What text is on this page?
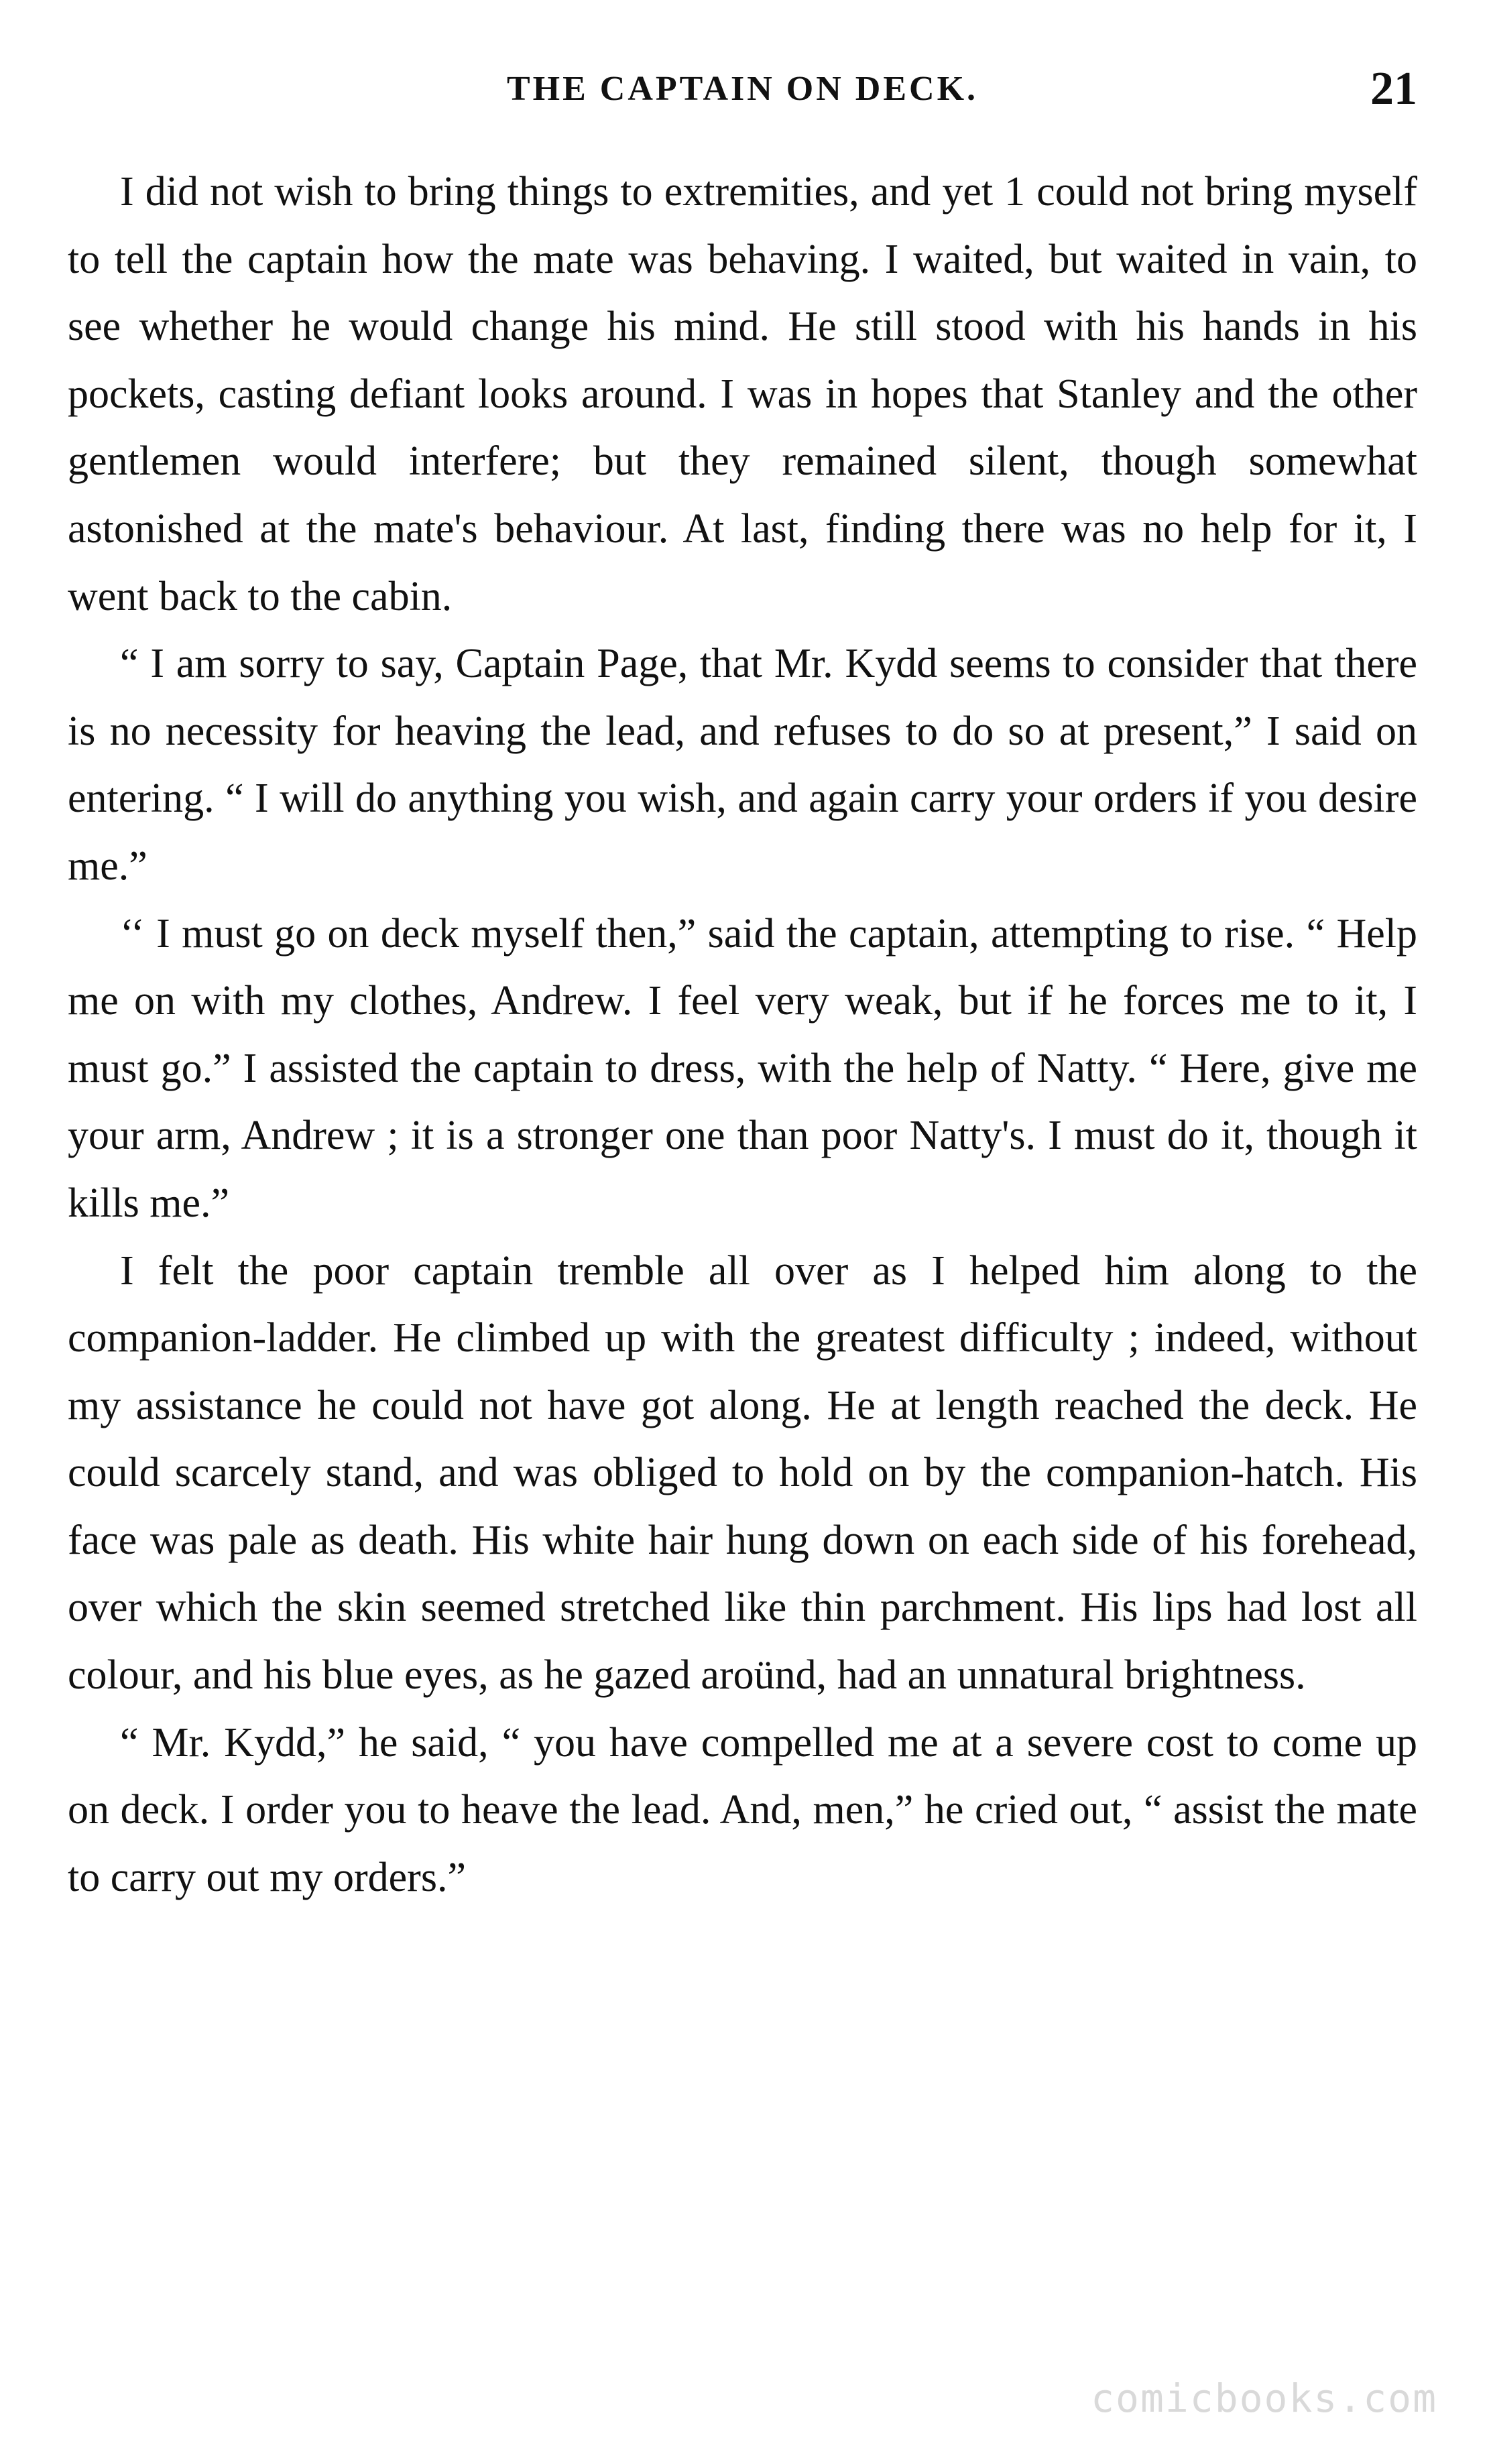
THE CAPTAIN ON DECK.	21

I did not wish to bring things to extremities, and yet 1 could not bring myself to tell the captain how the mate was behaving. I waited, but waited in vain, to see whether he would change his mind. He still stood with his hands in his pockets, casting defiant looks around. I was in hopes that Stanley and the other gentlemen would interfere; but they remained silent, though somewhat astonished at the mate's behaviour. At last, finding there was no help for it, I went back to the cabin.

“ I am sorry to say, Captain Page, that Mr. Kydd seems to consider that there is no necessity for heaving the lead, and refuses to do so at present,” I said on entering. “ I will do anything you wish, and again carry your orders if you desire me.”

‘‘ I must go on deck myself then,” said the captain, attempting to rise. “ Help me on with my clothes, Andrew. I feel very weak, but if he forces me to it, I must go.” I assisted the captain to dress, with the help of Natty. “ Here, give me your arm, Andrew ; it is a stronger one than poor Natty's. I must do it, though it kills me.”

I felt the poor captain tremble all over as I helped him along to the companion-ladder. He climbed up with the greatest difficulty ; indeed, without my assistance he could not have got along. He at length reached the deck. He could scarcely stand, and was obliged to hold on by the companion-hatch. His face was pale as death. His white hair hung down on each side of his forehead, over which the skin seemed stretched like thin parchment. His lips had lost all colour, and his blue eyes, as he gazed aroünd, had an unnatural brightness.

“ Mr. Kydd,” he said, “ you have compelled me at a severe cost to come up on deck. I order you to heave the lead. And, men,” he cried out, “ assist the mate to carry out my orders.”

comicbooks.com
